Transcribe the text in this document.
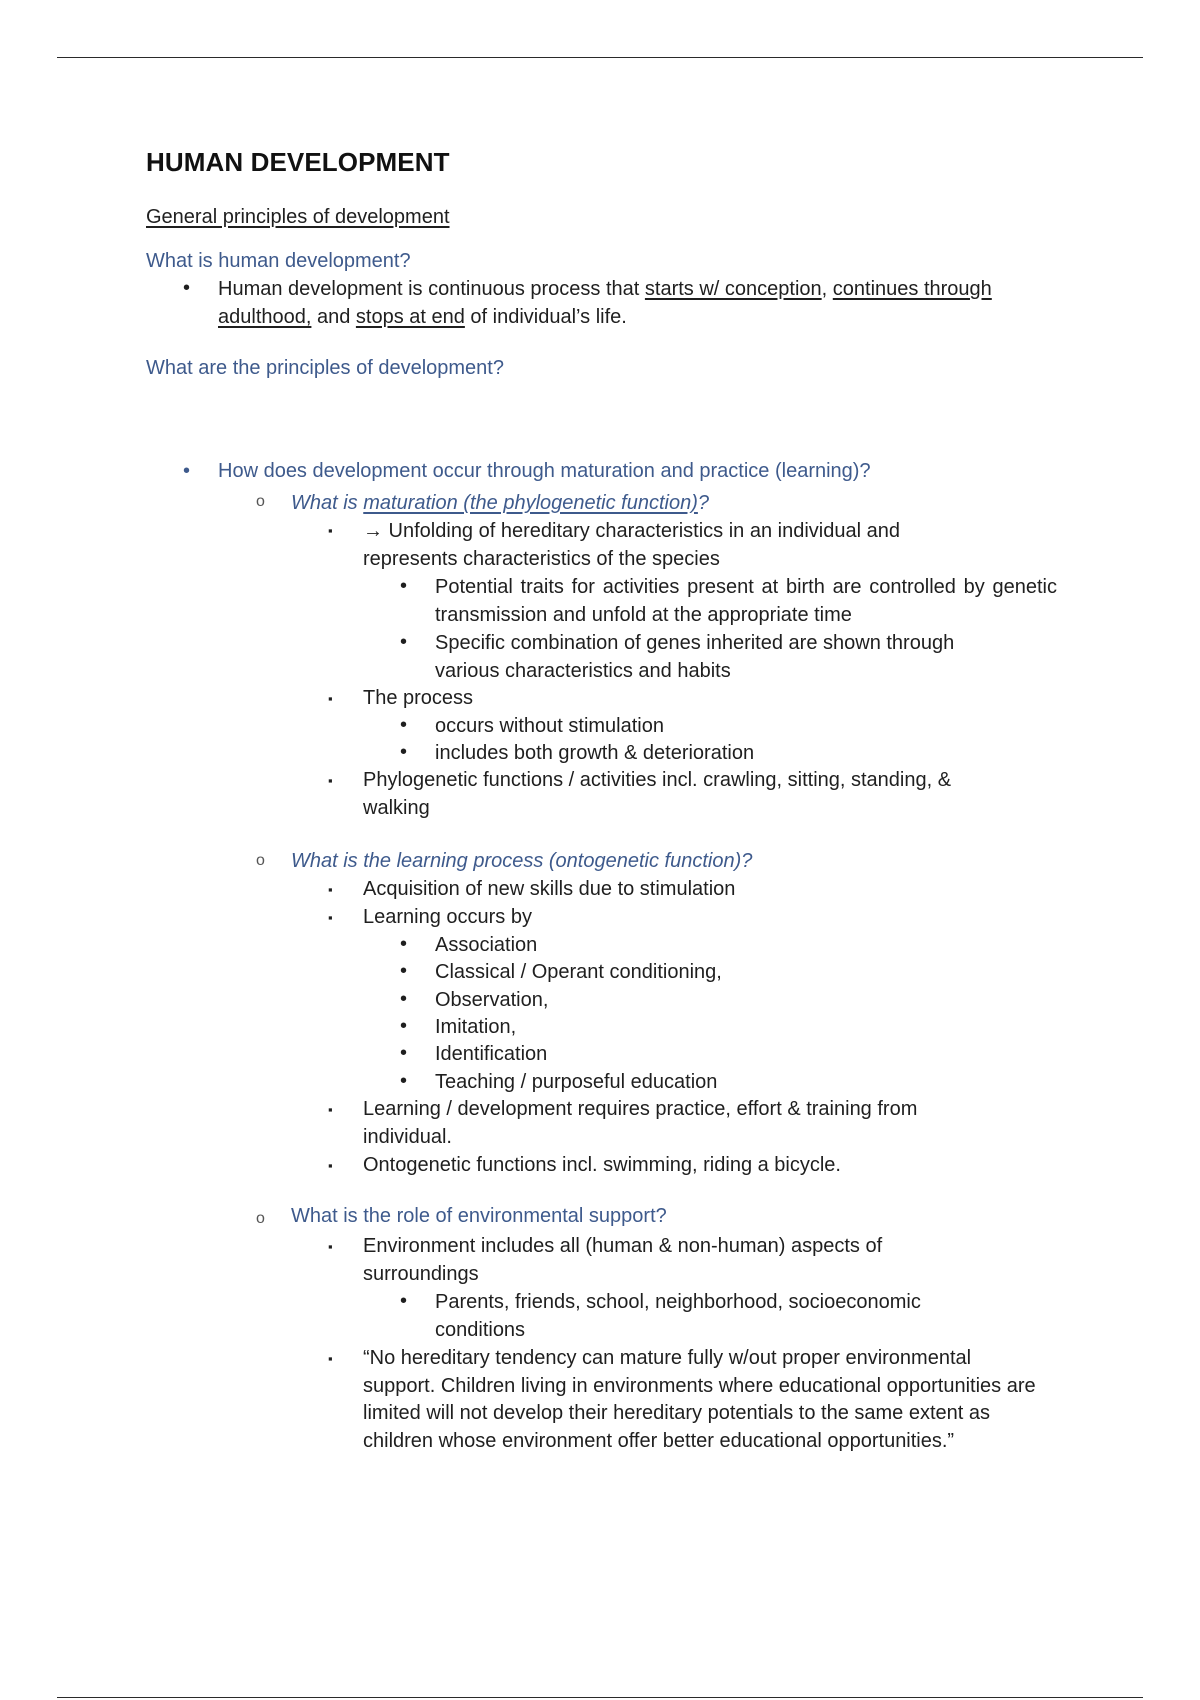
HUMAN DEVELOPMENT
General principles of development
What is human development?
• Human development is continuous process that starts w/ conception, continues through adulthood, and stops at end of individual’s life.
What are the principles of development?
• How does development occur through maturation and practice (learning)?
o What is maturation (the phylogenetic function)?
▪ → Unfolding of hereditary characteristics in an individual and represents characteristics of the species
• Potential traits for activities present at birth are controlled by genetic transmission and unfold at the appropriate time
• Specific combination of genes inherited are shown through various characteristics and habits
▪ The process
• occurs without stimulation
• includes both growth & deterioration
▪ Phylogenetic functions / activities incl. crawling, sitting, standing, & walking
o What is the learning process (ontogenetic function)?
▪ Acquisition of new skills due to stimulation
▪ Learning occurs by
• Association
• Classical / Operant conditioning,
• Observation,
• Imitation,
• Identification
• Teaching / purposeful education
▪ Learning / development requires practice, effort & training from individual.
▪ Ontogenetic functions incl. swimming, riding a bicycle.
o What is the role of environmental support?
▪ Environment includes all (human & non-human) aspects of surroundings
• Parents, friends, school, neighborhood, socioeconomic conditions
▪ “No hereditary tendency can mature fully w/out proper environmental support. Children living in environments where educational opportunities are limited will not develop their hereditary potentials to the same extent as children whose environment offer better educational opportunities.”
